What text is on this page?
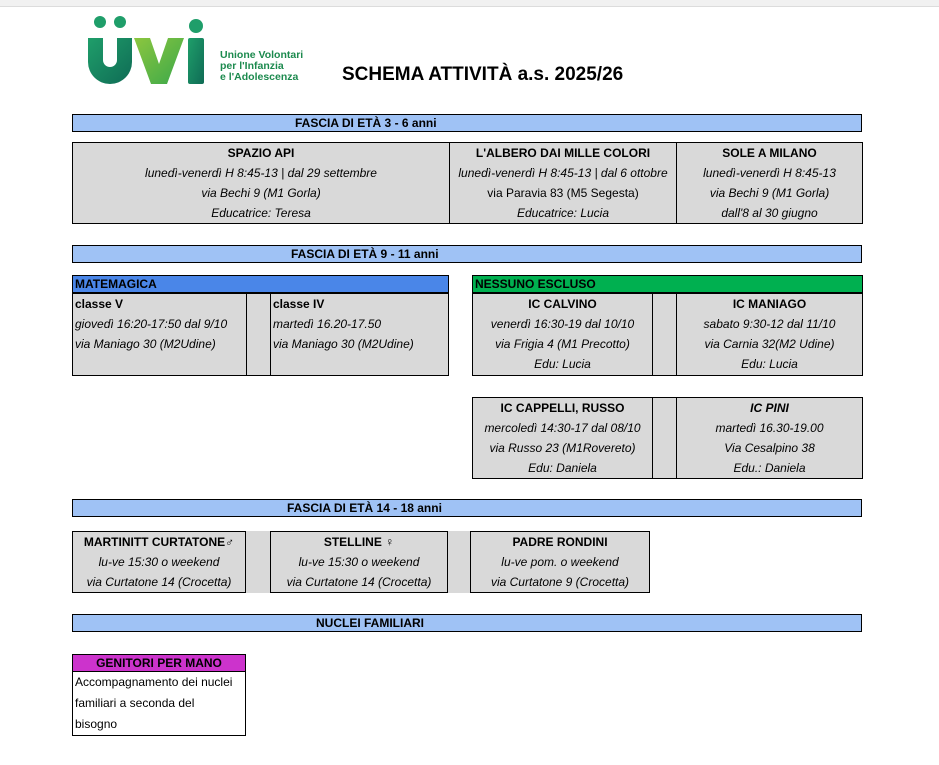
Unione Volontari
per l'Infanzia
e l'Adolescenza SCHEMA ATTIVITÀ a.s. 2025/26
FASCIA DI ETÀ 3 - 6 anni
SPAZIO API
lunedì-venerdì H 8:45-13 | dal 29 settembre
via Bechi 9 (M1 Gorla)
Educatrice: Teresa
L'ALBERO DAI MILLE COLORI
lunedì-venerdì H 8:45-13 | dal 6 ottobre
via Paravia 83 (M5 Segesta)
Educatrice: Lucia
SOLE A MILANO
lunedì-venerdì H 8:45-13
via Bechi 9 (M1 Gorla)
dall'8 al 30 giugno
FASCIA DI ETÀ 9 - 11 anni
MATEMAGICA
classe V
giovedì 16:20-17:50 dal 9/10
via Maniago 30 (M2Udine)
classe IV
martedì 16.20-17.50
via Maniago 30 (M2Udine)
NESSUNO ESCLUSO
IC CALVINO
venerdì 16:30-19 dal 10/10
via Frigia 4 (M1 Precotto)
Edu: Lucia
IC MANIAGO
sabato 9:30-12 dal 11/10
via Carnia 32(M2 Udine)
Edu: Lucia
IC CAPPELLI, RUSSO
mercoledì 14:30-17 dal 08/10
via Russo 23 (M1Rovereto)
Edu: Daniela
IC PINI
martedì 16.30-19.00
Via Cesalpino 38
Edu.: Daniela
FASCIA DI ETÀ 14 - 18 anni
MARTINITT CURTATONE♂
lu-ve 15:30 o weekend
via Curtatone 14 (Crocetta)
STELLINE ♀
lu-ve 15:30 o weekend
via Curtatone 14 (Crocetta)
PADRE RONDINI
lu-ve pom. o weekend
via Curtatone 9 (Crocetta)
NUCLEI FAMILIARI
GENITORI PER MANO
Accompagnamento dei nuclei
familiari a seconda del
bisogno
